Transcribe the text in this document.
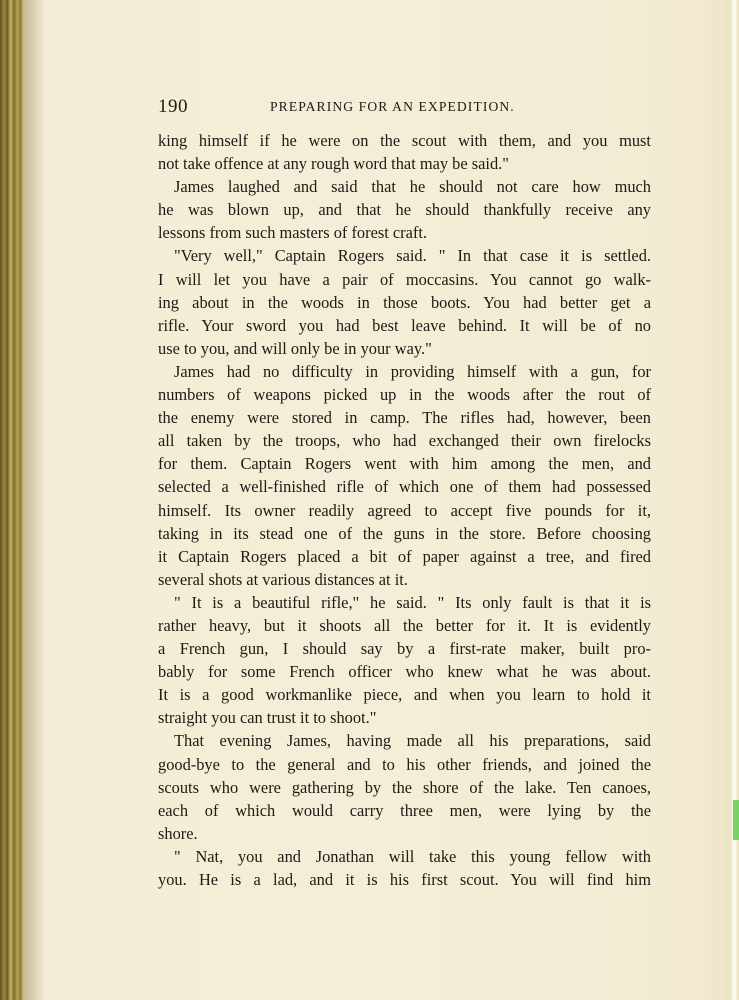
190	PREPARING FOR AN EXPEDITION.
king himself if he were on the scout with them, and you must
not take offence at any rough word that may be said."
James laughed and said that he should not care how much
he was blown up, and that he should thankfully receive any
lessons from such masters of forest craft.
"Very well," Captain Rogers said. " In that case it is settled.
I will let you have a pair of moccasins. You cannot go walk-
ing about in the woods in those boots. You had better get a
rifle. Your sword you had best leave behind. It will be of no
use to you, and will only be in your way."
James had no difficulty in providing himself with a gun, for
numbers of weapons picked up in the woods after the rout of
the enemy were stored in camp. The rifles had, however, been
all taken by the troops, who had exchanged their own firelocks
for them. Captain Rogers went with him among the men, and
selected a well-finished rifle of which one of them had possessed
himself. Its owner readily agreed to accept five pounds for it,
taking in its stead one of the guns in the store. Before choosing
it Captain Rogers placed a bit of paper against a tree, and fired
several shots at various distances at it.
" It is a beautiful rifle," he said. " Its only fault is that it is
rather heavy, but it shoots all the better for it. It is evidently
a French gun, I should say by a first-rate maker, built pro-
bably for some French officer who knew what he was about.
It is a good workmanlike piece, and when you learn to hold it
straight you can trust it to shoot."
That evening James, having made all his preparations, said
good-bye to the general and to his other friends, and joined the
scouts who were gathering by the shore of the lake. Ten canoes,
each of which would carry three men, were lying by the
shore.
" Nat, you and Jonathan will take this young fellow with
you. He is a lad, and it is his first scout. You will find him
